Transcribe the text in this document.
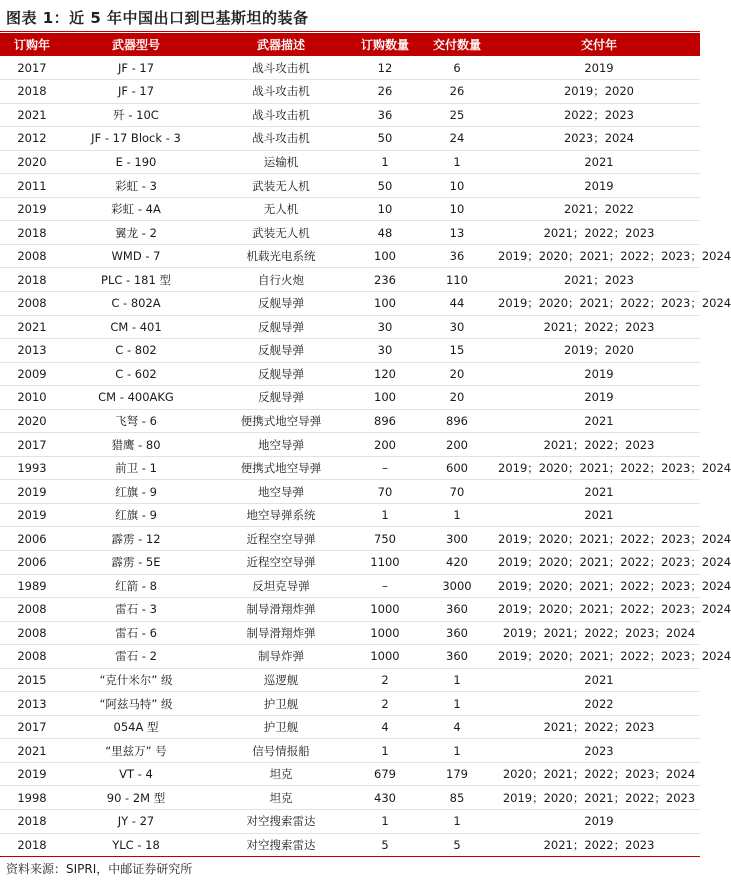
图表 1：近 5 年中国出口到巴基斯坦的装备
订购年	武器型号	武器描述	订购数量	交付数量	交付年
2017	JF - 17	战斗攻击机	12	6	2019
2018	JF - 17	战斗攻击机	26	26	2019；2020
2021	歼 - 10C	战斗攻击机	36	25	2022；2023
2012	JF - 17 Block - 3	战斗攻击机	50	24	2023；2024
2020	E - 190	运输机	1	1	2021
2011	彩虹 - 3	武装无人机	50	10	2019
2019	彩虹 - 4A	无人机	10	10	2021；2022
2018	翼龙 - 2	武装无人机	48	13	2021；2022；2023
2008	WMD - 7	机载光电系统	100	36	2019；2020；2021；2022；2023；2024
2018	PLC - 181 型	自行火炮	236	110	2021；2023
2008	C - 802A	反舰导弹	100	44	2019；2020；2021；2022；2023；2024
2021	CM - 401	反舰导弹	30	30	2021；2022；2023
2013	C - 802	反舰导弹	30	15	2019；2020
2009	C - 602	反舰导弹	120	20	2019
2010	CM - 400AKG	反舰导弹	100	20	2019
2020	飞弩 - 6	便携式地空导弹	896	896	2021
2017	猎鹰 - 80	地空导弹	200	200	2021；2022；2023
1993	前卫 - 1	便携式地空导弹	–	600	2019；2020；2021；2022；2023；2024
2019	红旗 - 9	地空导弹	70	70	2021
2019	红旗 - 9	地空导弹系统	1	1	2021
2006	霹雳 - 12	近程空空导弹	750	300	2019；2020；2021；2022；2023；2024
2006	霹雳 - 5E	近程空空导弹	1100	420	2019；2020；2021；2022；2023；2024
1989	红箭 - 8	反坦克导弹	–	3000	2019；2020；2021；2022；2023；2024
2008	雷石 - 3	制导滑翔炸弹	1000	360	2019；2020；2021；2022；2023；2024
2008	雷石 - 6	制导滑翔炸弹	1000	360	2019；2021；2022；2023；2024
2008	雷石 - 2	制导炸弹	1000	360	2019；2020；2021；2022；2023；2024
2015	“克什米尔” 级	巡逻舰	2	1	2021
2013	“阿兹马特” 级	护卫舰	2	1	2022
2017	054A 型	护卫舰	4	4	2021；2022；2023
2021	“里兹万” 号	信号情报船	1	1	2023
2019	VT - 4	坦克	679	179	2020；2021；2022；2023；2024
1998	90 - 2M 型	坦克	430	85	2019；2020；2021；2022；2023
2018	JY - 27	对空搜索雷达	1	1	2019
2018	YLC - 18	对空搜索雷达	5	5	2021；2022；2023
资料来源：SIPRI，中邮证券研究所
